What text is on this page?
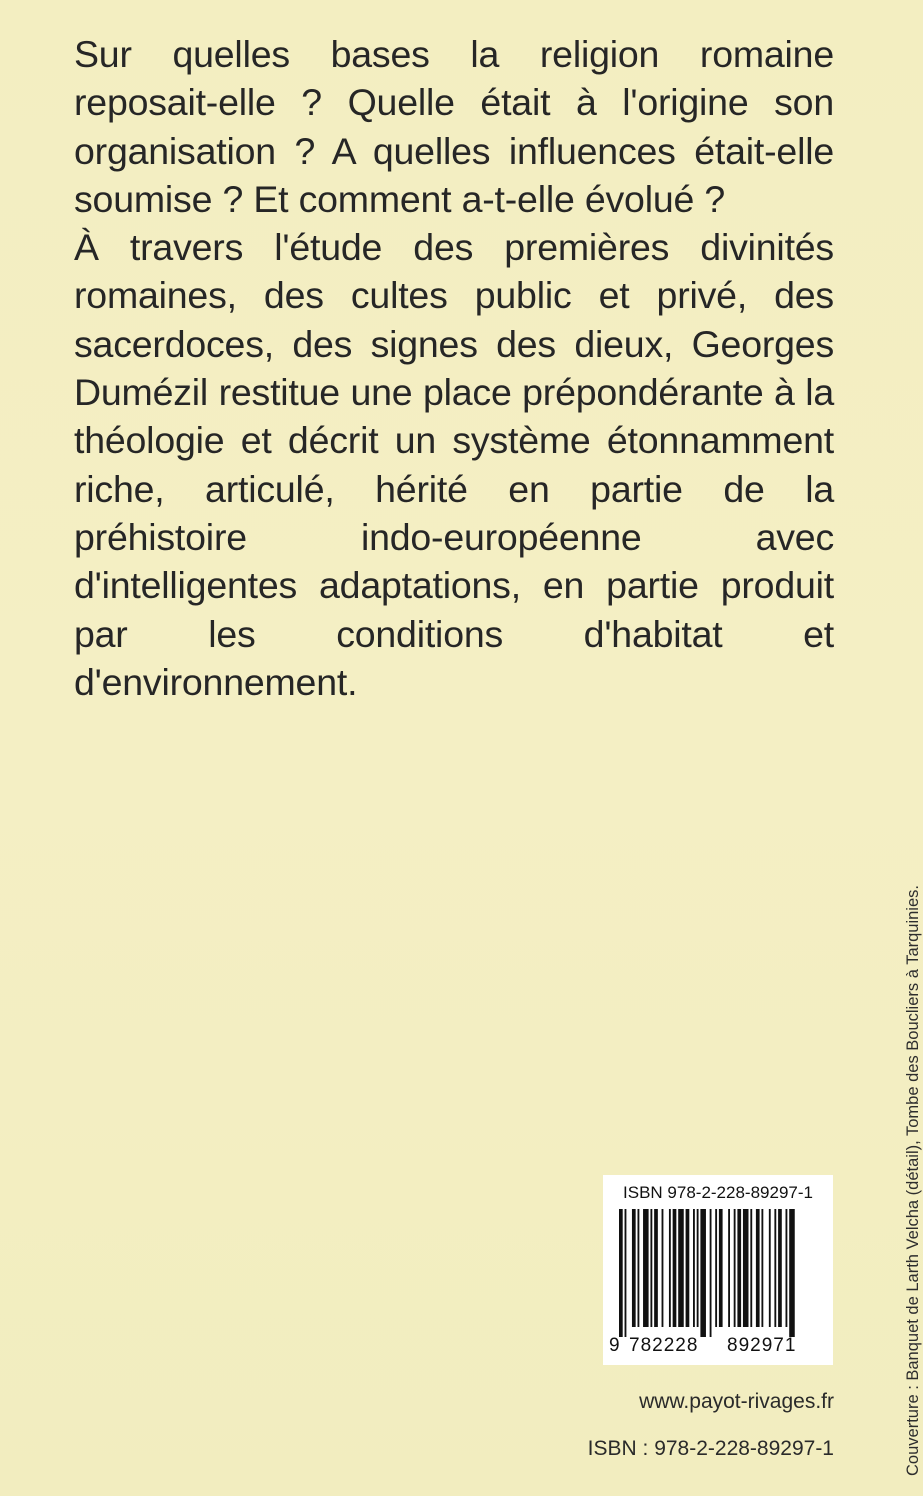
Sur quelles bases la religion romaine reposait-elle ? Quelle était à l'origine son organisation ? A quelles influences était-elle soumise ? Et comment a-t-elle évolué ?

À travers l'étude des premières divinités romaines, des cultes public et privé, des sacerdoces, des signes des dieux, Georges Dumézil restitue une place prépondérante à la théologie et décrit un système étonnamment riche, articulé, hérité en partie de la préhistoire indo-européenne avec d'intelligentes adaptations, en partie produit par les conditions d'habitat et d'environnement.

Couverture : Banquet de Larth Velcha (détail), Tombe des Boucliers à Tarquinies.
ISBN 978-2-228-89297-1
9 782228 892971
www.payot-rivages.fr
ISBN : 978-2-228-89297-1
